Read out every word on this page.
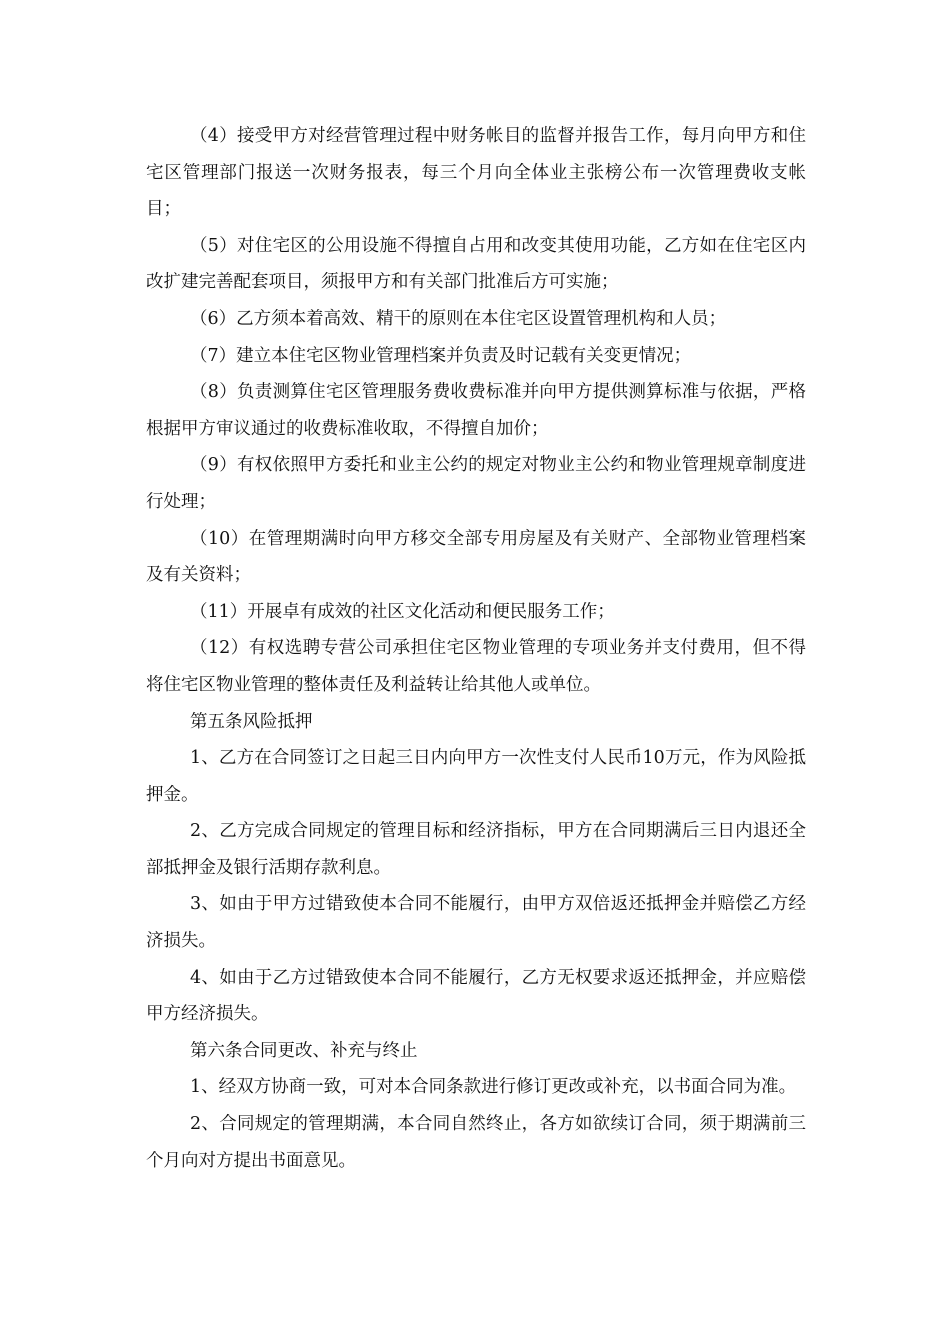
（4）接受甲方对经营管理过程中财务帐目的监督并报告工作，每月向甲方和住宅区管理部门报送一次财务报表，每三个月向全体业主张榜公布一次管理费收支帐目；

（5）对住宅区的公用设施不得擅自占用和改变其使用功能，乙方如在住宅区内改扩建完善配套项目，须报甲方和有关部门批准后方可实施；

（6）乙方须本着高效、精干的原则在本住宅区设置管理机构和人员；

（7）建立本住宅区物业管理档案并负责及时记载有关变更情况；

（8）负责测算住宅区管理服务费收费标准并向甲方提供测算标准与依据，严格根据甲方审议通过的收费标准收取，不得擅自加价；

（9）有权依照甲方委托和业主公约的规定对物业主公约和物业管理规章制度进行处理；

（10）在管理期满时向甲方移交全部专用房屋及有关财产、全部物业管理档案及有关资料；

（11）开展卓有成效的社区文化活动和便民服务工作；

（12）有权选聘专营公司承担住宅区物业管理的专项业务并支付费用，但不得将住宅区物业管理的整体责任及利益转让给其他人或单位。

第五条风险抵押

1、乙方在合同签订之日起三日内向甲方一次性支付人民币10万元，作为风险抵押金。

2、乙方完成合同规定的管理目标和经济指标，甲方在合同期满后三日内退还全部抵押金及银行活期存款利息。

3、如由于甲方过错致使本合同不能履行，由甲方双倍返还抵押金并赔偿乙方经济损失。

4、如由于乙方过错致使本合同不能履行，乙方无权要求返还抵押金，并应赔偿甲方经济损失。

第六条合同更改、补充与终止

1、经双方协商一致，可对本合同条款进行修订更改或补充，以书面合同为准。

2、合同规定的管理期满，本合同自然终止，各方如欲续订合同，须于期满前三个月向对方提出书面意见。
